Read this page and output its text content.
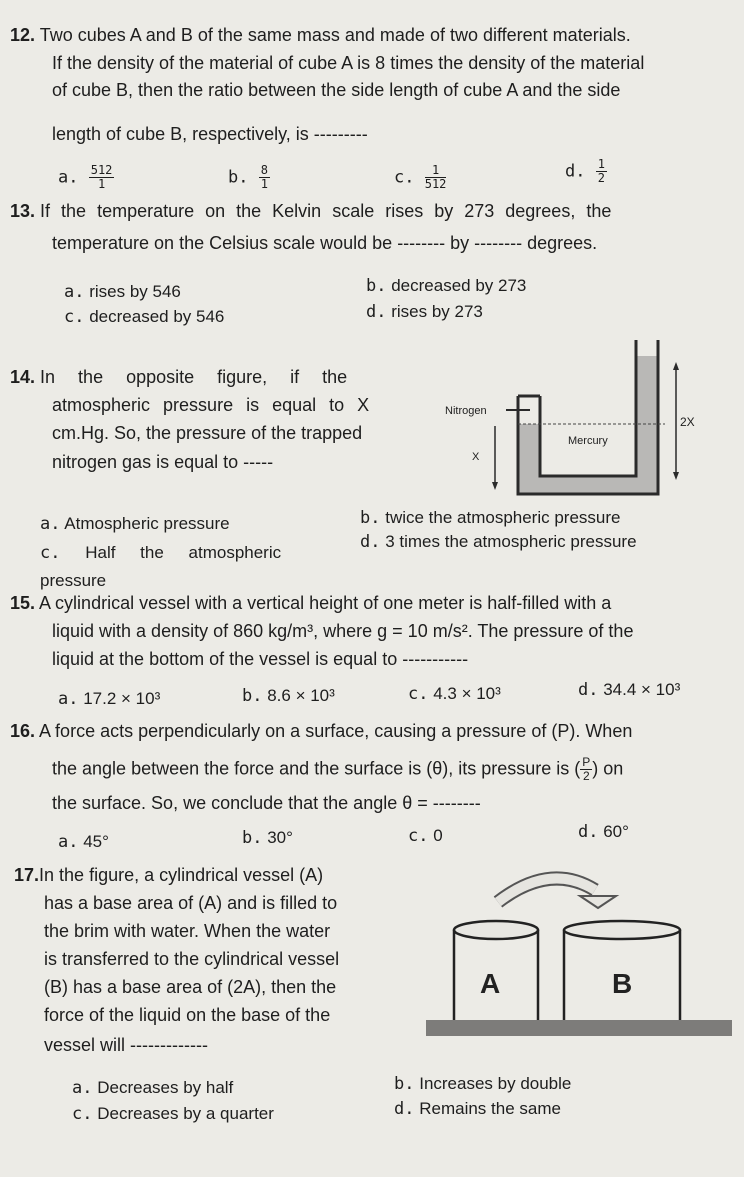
12. Two cubes A and B of the same mass and made of two different materials.
If the density of the material of cube A is 8 times the density of the material
of cube B, then the ratio between the side length of cube A and the side
length of cube B, respectively, is ---------
a. $\frac{512}{1}$	b. $\frac{8}{1}$	c. $\frac{1}{512}$	d. $\frac{1}{2}$
13. If the temperature on the Kelvin scale rises by 273 degrees, the
temperature on the Celsius scale would be -------- by -------- degrees.
a. rises by 546	b. decreased by 273
c. decreased by 546	d. rises by 273
14. In the opposite figure, if the
atmospheric pressure is equal to X
cm.Hg. So, the pressure of the trapped
nitrogen gas is equal to -----
Nitrogen
Mercury
X
2X
a. Atmospheric pressure	b. twice the atmospheric pressure
c. Half the atmospheric pressure
d. 3 times the atmospheric pressure
15. A cylindrical vessel with a vertical height of one meter is half-filled with a
liquid with a density of 860 kg/m³, where g = 10 m/s². The pressure of the
liquid at the bottom of the vessel is equal to -----------
a. 17.2 × 10³	b. 8.6 × 10³	c. 4.3 × 10³	d. 34.4 × 10³
16. A force acts perpendicularly on a surface, causing a pressure of (P). When
the angle between the force and the surface is (θ), its pressure is ( $\frac{P}{2}$ ) on
the surface. So, we conclude that the angle θ = --------
a. 45°	b. 30°	c. 0	d. 60°
17.In the figure, a cylindrical vessel (A)
has a base area of (A) and is filled to
the brim with water. When the water
is transferred to the cylindrical vessel
(B) has a base area of (2A), then the
force of the liquid on the base of the
vessel will -------------
A	B
a. Decreases by half	b. Increases by double
c. Decreases by a quarter	d. Remains the same
